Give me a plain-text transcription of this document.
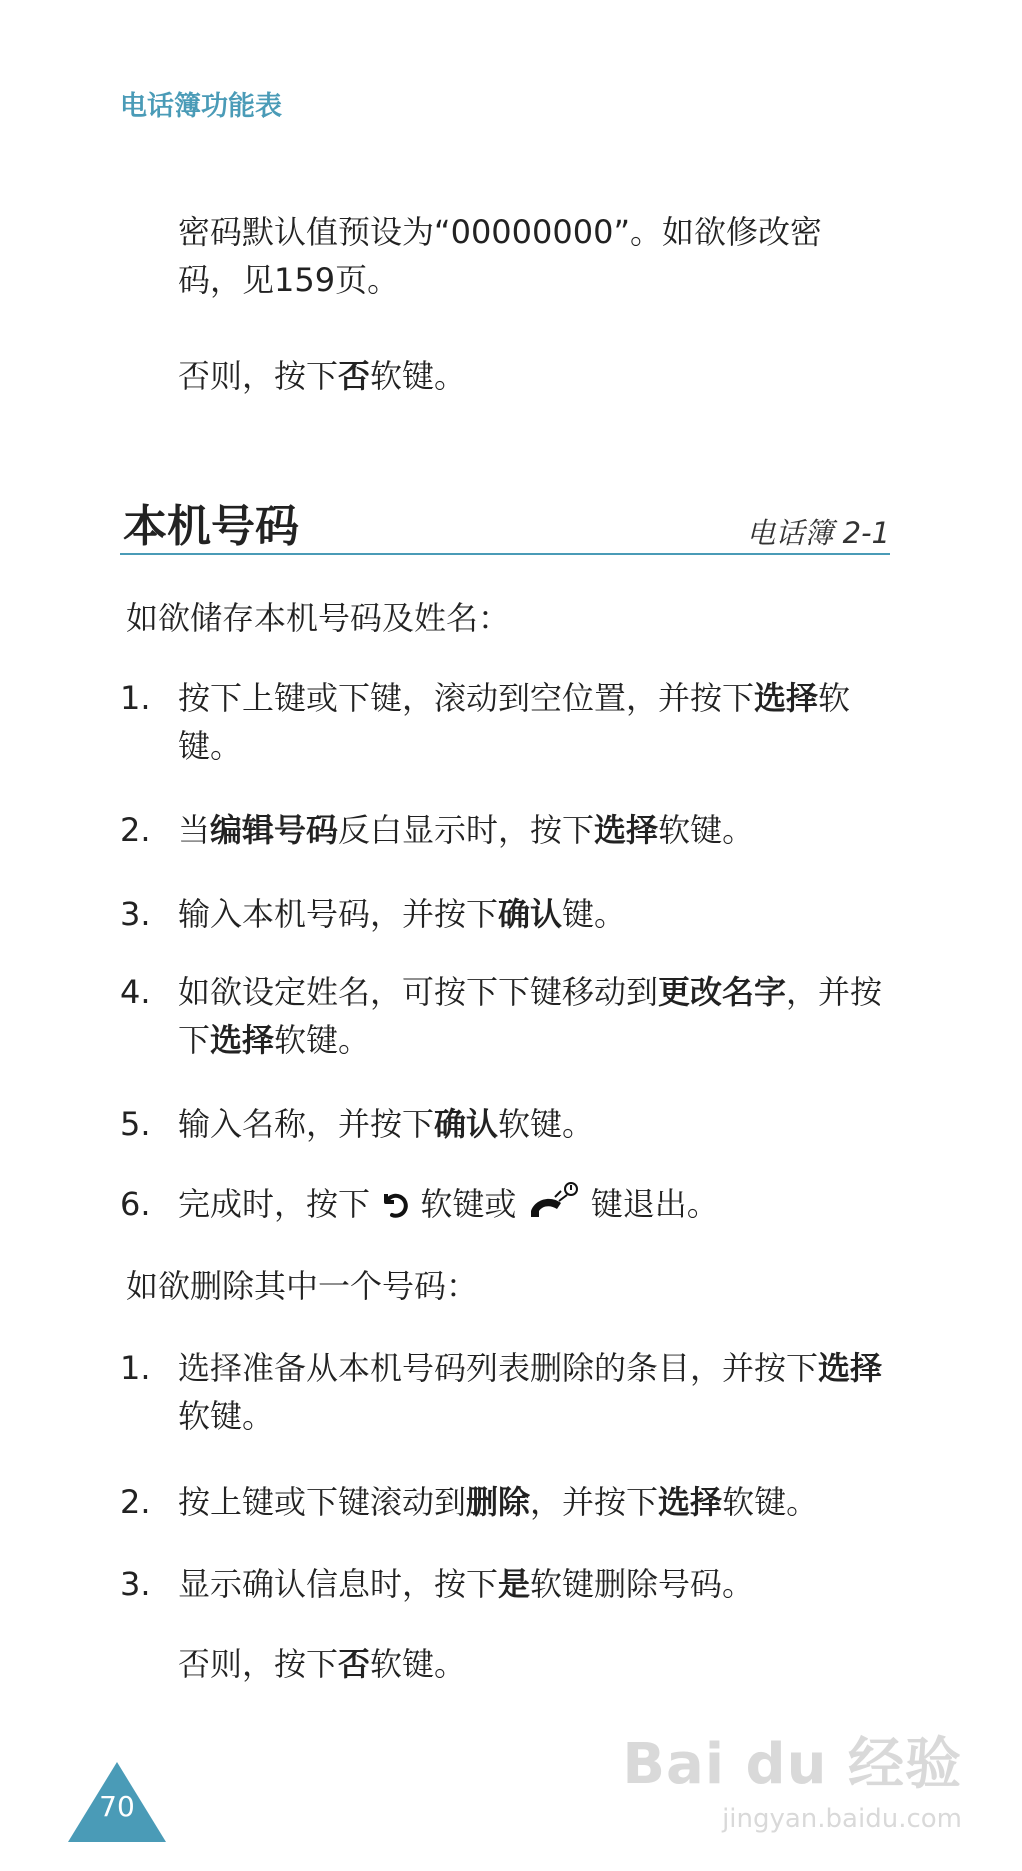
电话簿功能表
密码默认值预设为“00000000”。如欲修改密
码，见159页。
否则，按下否软键。
本机号码	电话簿 2-1
如欲储存本机号码及姓名：
1. 按下上键或下键，滚动到空位置，并按下选择软键。
2. 当编辑号码反白显示时，按下选择软键。
3. 输入本机号码，并按下确认键。
4. 如欲设定姓名，可按下下键移动到更改名字，并按下选择软键。
5. 输入名称，并按下确认软键。
6. 完成时，按下 软键或 键退出。
如欲删除其中一个号码：
1. 选择准备从本机号码列表删除的条目，并按下选择软键。
2. 按上键或下键滚动到删除，并按下选择软键。
3. 显示确认信息时，按下是软键删除号码。
否则，按下否软键。
70
Bai du 经验
jingyan.baidu.com
